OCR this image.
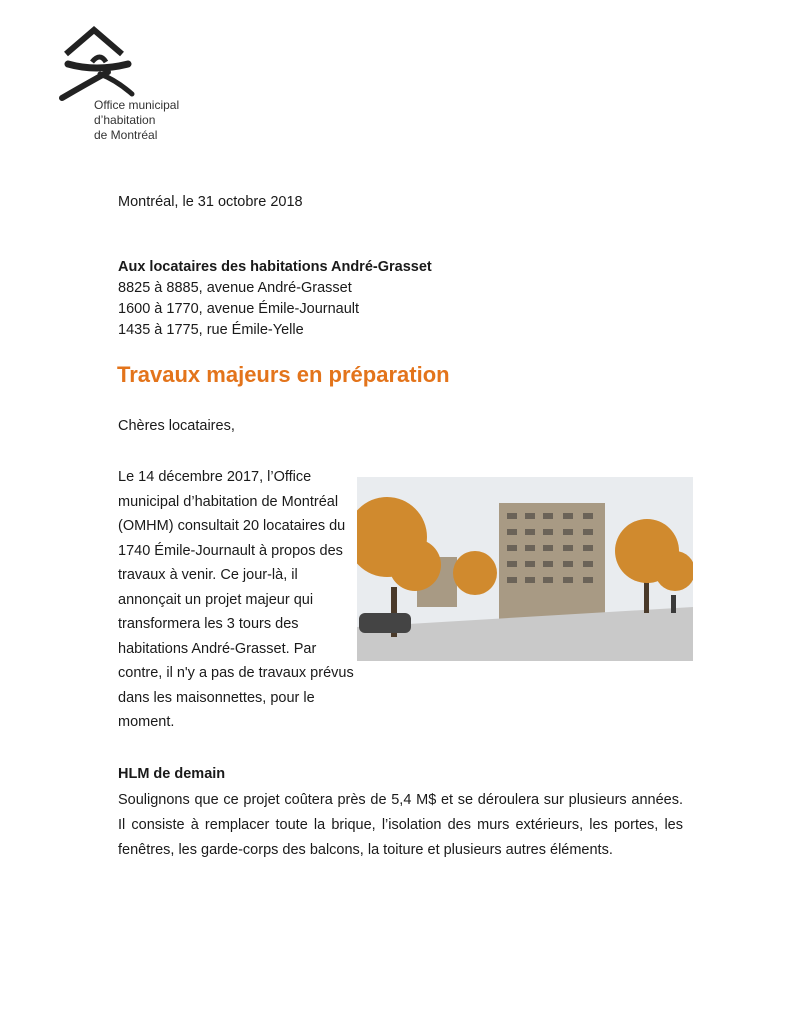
Office municipal
d’habitation
de Montréal
Montréal, le 31 octobre 2018
Aux locataires des habitations André-Grasset
8825 à 8885, avenue André-Grasset
1600 à 1770, avenue Émile-Journault
1435 à 1775, rue Émile-Yelle
Travaux majeurs en préparation
Chères locataires,
Le 14 décembre 2017, l’Office municipal d’habitation de Montréal (OMHM) consultait 20 locataires du 1740 Émile-Journault à propos des travaux à venir. Ce jour-là, il annonçait un projet majeur qui transformera les 3 tours des habitations André-Grasset. Par contre, il n'y a pas de travaux prévus dans les maisonnettes, pour le moment.
HLM de demain
Soulignons que ce projet coûtera près de 5,4 M$ et se déroulera sur plusieurs années. Il consiste à remplacer toute la brique, l’isolation des murs extérieurs, les portes, les fenêtres, les garde-corps des balcons, la toiture et plusieurs autres éléments.
